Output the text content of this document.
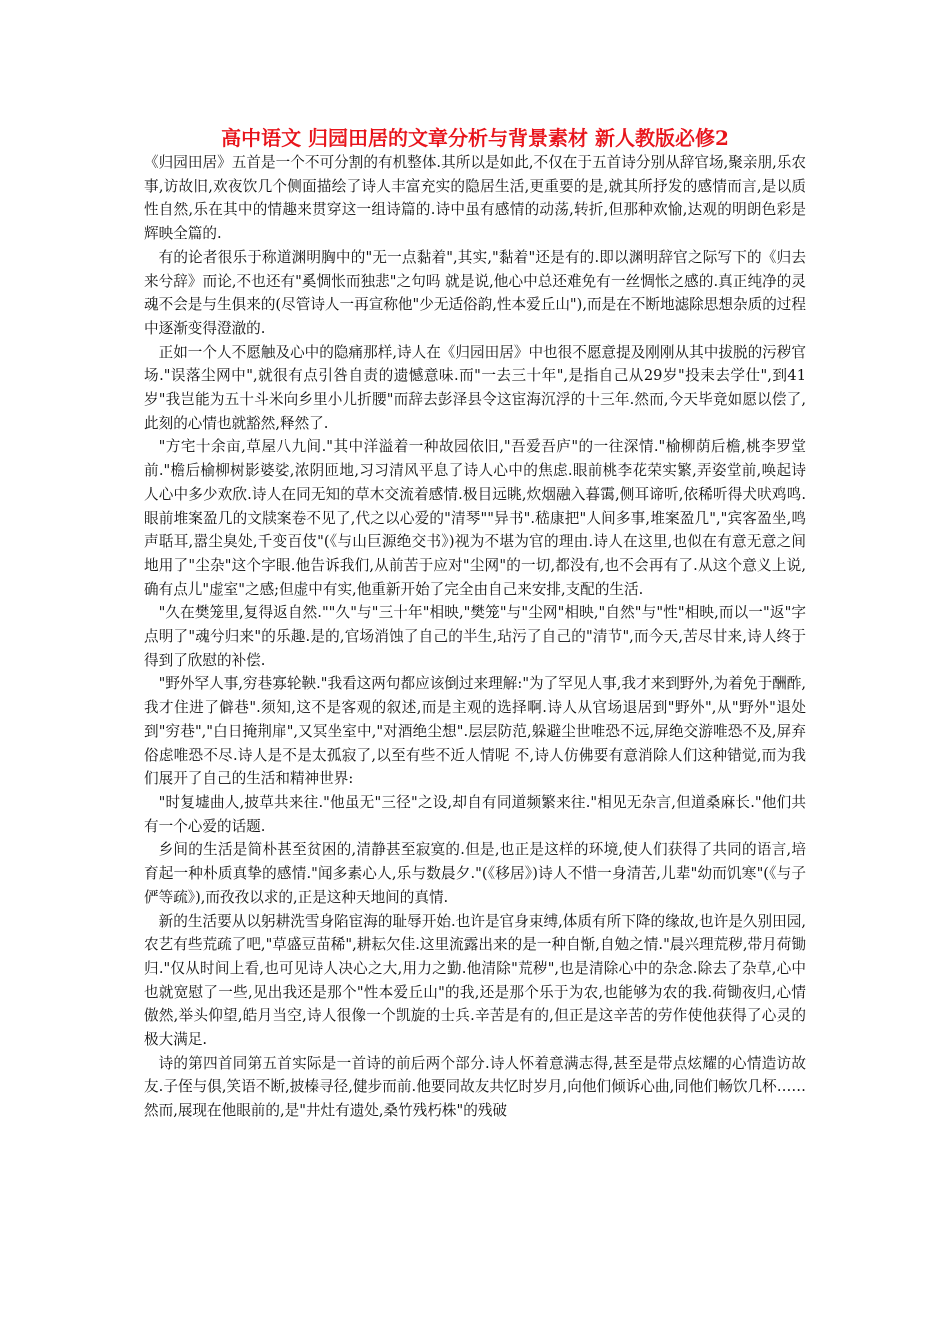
高中语文 归园田居的文章分析与背景素材 新人教版必修2

《归园田居》五首是一个不可分割的有机整体.其所以是如此,不仅在于五首诗分别从辞官场,聚亲朋,乐农事,访故旧,欢夜饮几个侧面描绘了诗人丰富充实的隐居生活,更重要的是,就其所抒发的感情而言,是以质性自然,乐在其中的情趣来贯穿这一组诗篇的.诗中虽有感情的动荡,转折,但那种欢愉,达观的明朗色彩是辉映全篇的.

有的论者很乐于称道渊明胸中的"无一点黏着",其实,"黏着"还是有的.即以渊明辞官之际写下的《归去来兮辞》而论,不也还有"奚惆怅而独悲"之句吗 就是说,他心中总还难免有一丝惆怅之感的.真正纯净的灵魂不会是与生俱来的(尽管诗人一再宣称他"少无适俗韵,性本爱丘山"),而是在不断地滤除思想杂质的过程中逐渐变得澄澈的.

正如一个人不愿触及心中的隐痛那样,诗人在《归园田居》中也很不愿意提及刚刚从其中拔脱的污秽官场."误落尘网中",就很有点引咎自责的遗憾意味.而"一去三十年",是指自己从29岁"投耒去学仕",到41岁"我岂能为五十斗米向乡里小儿折腰"而辞去彭泽县令这宦海沉浮的十三年.然而,今天毕竟如愿以偿了,此刻的心情也就豁然,释然了.

"方宅十余亩,草屋八九间."其中洋溢着一种故园依旧,"吾爱吾庐"的一往深情."榆柳荫后檐,桃李罗堂前."檐后榆柳树影婆娑,浓阴匝地,习习清风平息了诗人心中的焦虑.眼前桃李花荣实繁,弄姿堂前,唤起诗人心中多少欢欣.诗人在同无知的草木交流着感情.极目远眺,炊烟融入暮霭,侧耳谛听,依稀听得犬吠鸡鸣.眼前堆案盈几的文牍案卷不见了,代之以心爱的"清琴""异书".嵇康把"人间多事,堆案盈几","宾客盈坐,鸣声聒耳,嚣尘臭处,千变百伎"(《与山巨源绝交书》)视为不堪为官的理由.诗人在这里,也似在有意无意之间地用了"尘杂"这个字眼.他告诉我们,从前苦于应对"尘网"的一切,都没有,也不会再有了.从这个意义上说,确有点儿"虚室"之感;但虚中有实,他重新开始了完全由自己来安排,支配的生活.

"久在樊笼里,复得返自然.""久"与"三十年"相映,"樊笼"与"尘网"相映,"自然"与"性"相映,而以一"返"字点明了"魂兮归来"的乐趣.是的,官场消蚀了自己的半生,玷污了自己的"清节",而今天,苦尽甘来,诗人终于得到了欣慰的补偿.

"野外罕人事,穷巷寡轮鞅."我看这两句都应该倒过来理解:"为了罕见人事,我才来到野外,为着免于酬酢,我才住进了僻巷".须知,这不是客观的叙述,而是主观的选择啊.诗人从官场退居到"野外",从"野外"退处到"穷巷","白日掩荆扉",又冥坐室中,"对酒绝尘想".层层防范,躲避尘世唯恐不远,屏绝交游唯恐不及,屏弃俗虑唯恐不尽.诗人是不是太孤寂了,以至有些不近人情呢 不,诗人仿佛要有意消除人们这种错觉,而为我们展开了自己的生活和精神世界:

"时复墟曲人,披草共来往."他虽无"三径"之设,却自有同道频繁来往."相见无杂言,但道桑麻长."他们共有一个心爱的话题.

乡间的生活是简朴甚至贫困的,清静甚至寂寞的.但是,也正是这样的环境,使人们获得了共同的语言,培育起一种朴质真挚的感情."闻多素心人,乐与数晨夕."(《移居》)诗人不惜一身清苦,儿辈"幼而饥寒"(《与子俨等疏》),而孜孜以求的,正是这种天地间的真情.

新的生活要从以躬耕洗雪身陷宦海的耻辱开始.也许是官身束缚,体质有所下降的缘故,也许是久别田园,农艺有些荒疏了吧,"草盛豆苗稀",耕耘欠佳.这里流露出来的是一种自惭,自勉之情."晨兴理荒秽,带月荷锄归."仅从时间上看,也可见诗人决心之大,用力之勤.他清除"荒秽",也是清除心中的杂念.除去了杂草,心中也就宽慰了一些,见出我还是那个"性本爱丘山"的我,还是那个乐于为农,也能够为农的我.荷锄夜归,心情傲然,举头仰望,皓月当空,诗人很像一个凯旋的士兵.辛苦是有的,但正是这辛苦的劳作使他获得了心灵的极大满足.

诗的第四首同第五首实际是一首诗的前后两个部分.诗人怀着意满志得,甚至是带点炫耀的心情造访故友.子侄与俱,笑语不断,披榛寻径,健步而前.他要同故友共忆时岁月,向他们倾诉心曲,同他们畅饮几杯……然而,展现在他眼前的,是"井灶有遗处,桑竹残朽株"的残破
